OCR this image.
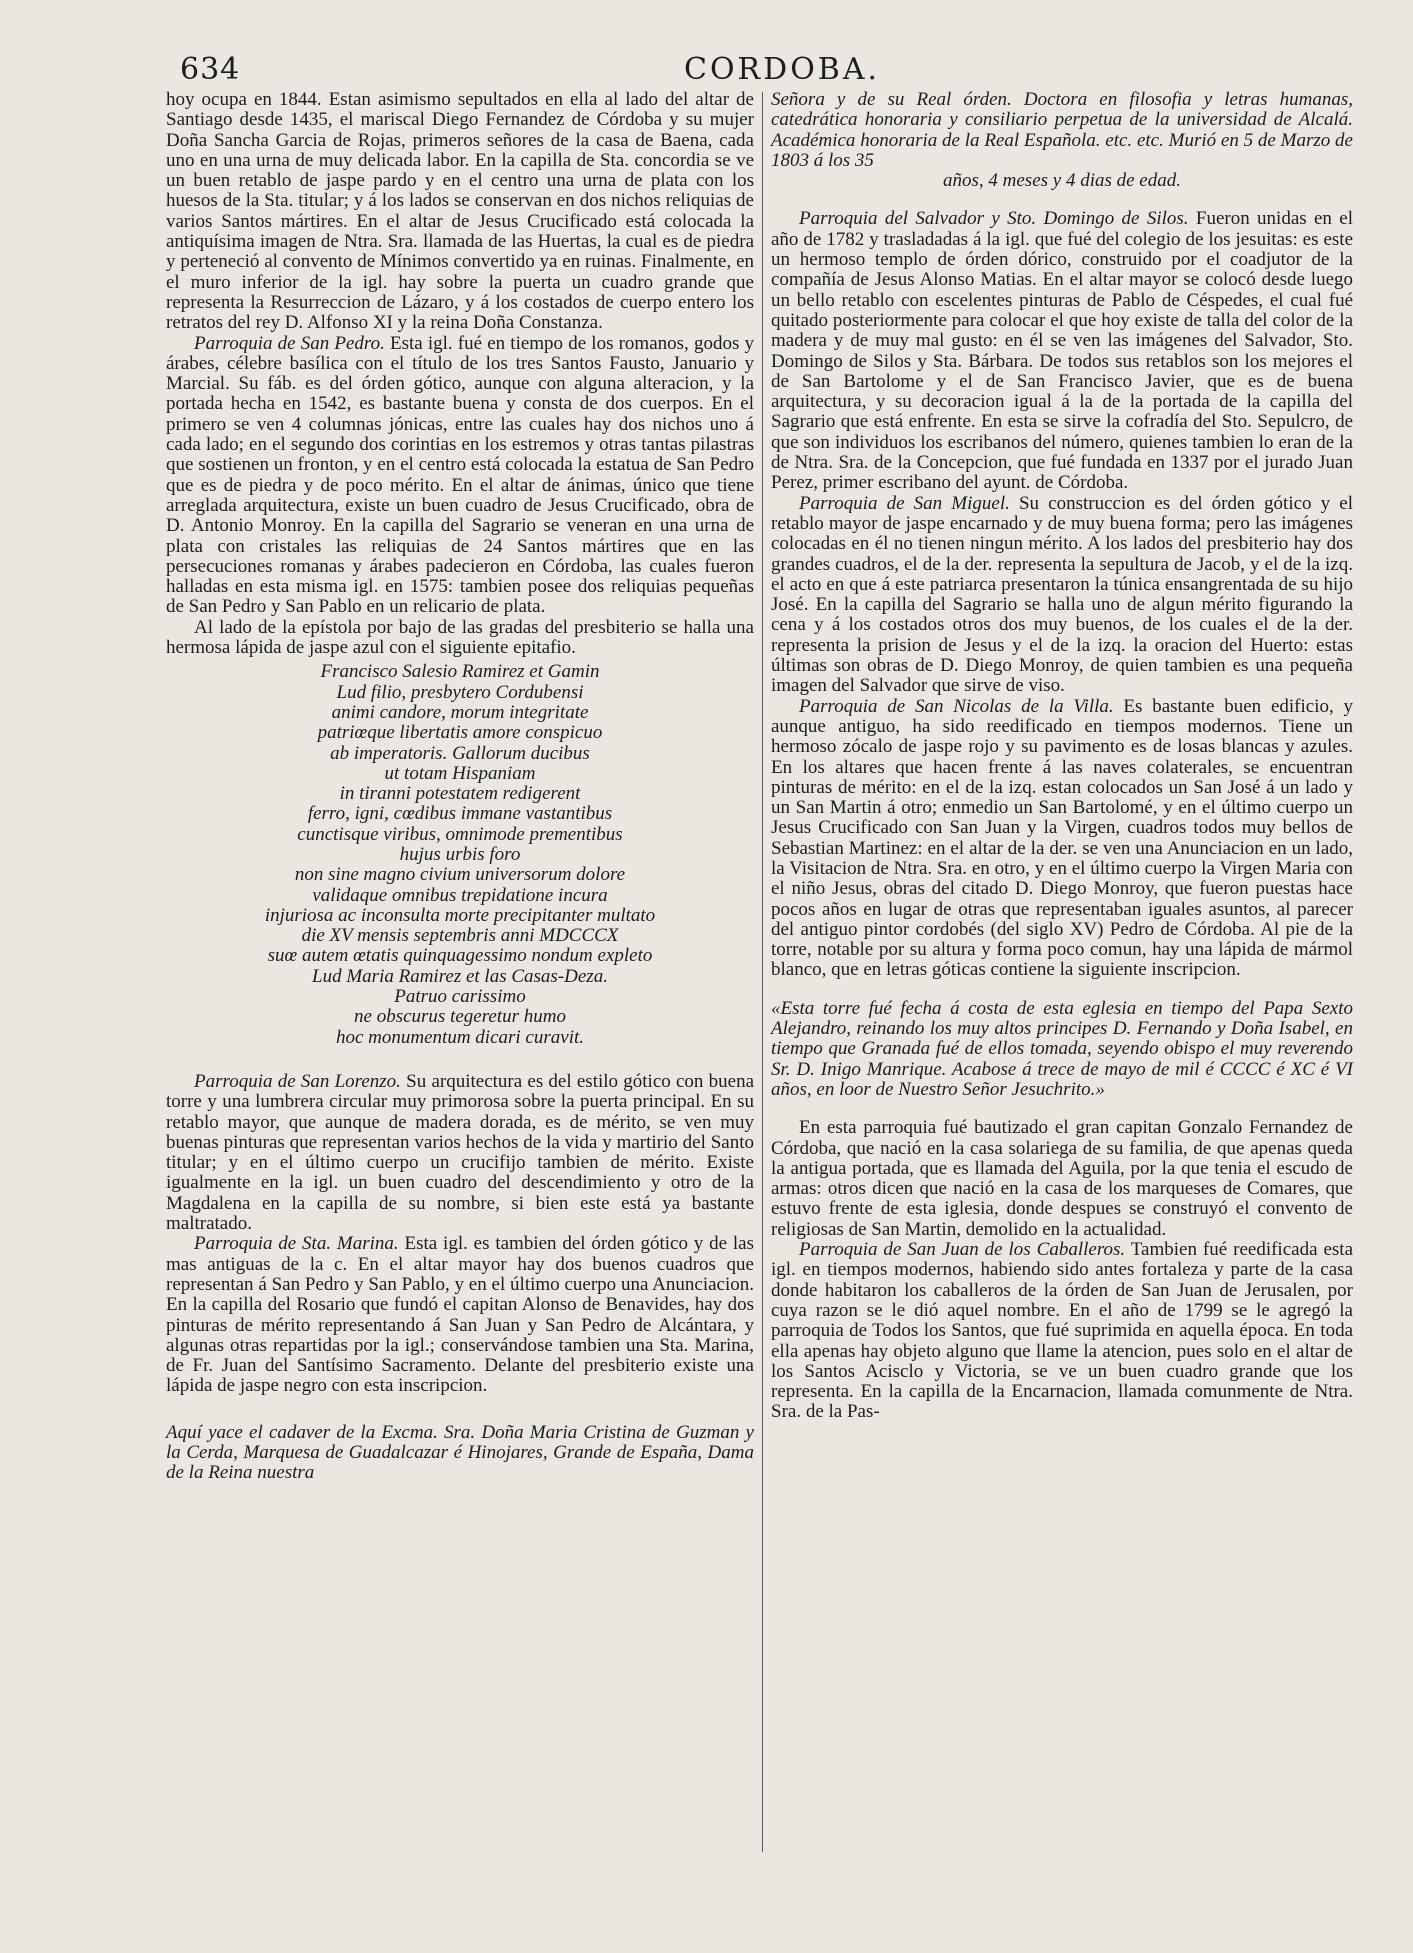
634	CORDOBA.

hoy ocupa en 1844. Estan asimismo sepultados en ella al lado del altar de Santiago desde 1435, el mariscal Diego Fernandez de Córdoba y su mujer Doña Sancha Garcia de Rojas, primeros señores de la casa de Baena, cada uno en una urna de muy delicada labor. En la capilla de Sta. concordia se ve un buen retablo de jaspe pardo y en el centro una urna de plata con los huesos de la Sta. titular; y á los lados se conservan en dos nichos reliquias de varios Santos mártires. En el altar de Jesus Crucificado está colocada la antiquísima imagen de Ntra. Sra. llamada de las Huertas, la cual es de piedra y perteneció al convento de Mínimos convertido ya en ruinas. Finalmente, en el muro inferior de la igl. hay sobre la puerta un cuadro grande que representa la Resurreccion de Lázaro, y á los costados de cuerpo entero los retratos del rey D. Alfonso XI y la reina Doña Constanza.

Parroquia de San Pedro. Esta igl. fué en tiempo de los romanos, godos y árabes, célebre basílica con el título de los tres Santos Fausto, Januario y Marcial. Su fáb. es del órden gótico, aunque con alguna alteracion, y la portada hecha en 1542, es bastante buena y consta de dos cuerpos. En el primero se ven 4 columnas jónicas, entre las cuales hay dos nichos uno á cada lado; en el segundo dos corintias en los estremos y otras tantas pilastras que sostienen un fronton, y en el centro está colocada la estatua de San Pedro que es de piedra y de poco mérito. En el altar de ánimas, único que tiene arreglada arquitectura, existe un buen cuadro de Jesus Crucificado, obra de D. Antonio Monroy. En la capilla del Sagrario se veneran en una urna de plata con cristales las reliquias de 24 Santos mártires que en las persecuciones romanas y árabes padecieron en Córdoba, las cuales fueron halladas en esta misma igl. en 1575: tambien posee dos reliquias pequeñas de San Pedro y San Pablo en un relicario de plata.

Al lado de la epístola por bajo de las gradas del presbiterio se halla una hermosa lápida de jaspe azul con el siguiente epitafio.

Francisco Salesio Ramirez et Gamin
Lud filio, presbytero Cordubensi
animi candore, morum integritate
patriœque libertatis amore conspicuo
ab imperatoris. Gallorum ducibus
ut totam Hispaniam
in tiranni potestatem redigerent
ferro, igni, cœdibus immane vastantibus
cunctisque viribus, omnimode prementibus
hujus urbis foro
non sine magno civium universorum dolore
validaque omnibus trepidatione incura
injuriosa ac inconsulta morte precipitanter multato
die XV mensis septembris anni MDCCCX
suœ autem œtatis quinquagessimo nondum expleto
Lud Maria Ramirez et las Casas-Deza.
Patruo carissimo
ne obscurus tegeretur humo
hoc monumentum dicari curavit.

Parroquia de San Lorenzo. Su arquitectura es del estilo gótico con buena torre y una lumbrera circular muy primorosa sobre la puerta principal. En su retablo mayor, que aunque de madera dorada, es de mérito, se ven muy buenas pinturas que representan varios hechos de la vida y martirio del Santo titular; y en el último cuerpo un crucifijo tambien de mérito. Existe igualmente en la igl. un buen cuadro del descendimiento y otro de la Magdalena en la capilla de su nombre, si bien este está ya bastante maltratado.

Parroquia de Sta. Marina. Esta igl. es tambien del órden gótico y de las mas antiguas de la c. En el altar mayor hay dos buenos cuadros que representan á San Pedro y San Pablo, y en el último cuerpo una Anunciacion. En la capilla del Rosario que fundó el capitan Alonso de Benavides, hay dos pinturas de mérito representando á San Juan y San Pedro de Alcántara, y algunas otras repartidas por la igl.; conservándose tambien una Sta. Marina, de Fr. Juan del Santísimo Sacramento. Delante del presbiterio existe una lápida de jaspe negro con esta inscripcion.

Aquí yace el cadaver de la Excma. Sra. Doña Maria Cristina de Guzman y la Cerda, Marquesa de Guadalcazar é Hinojares, Grande de España, Dama de la Reina nuestra

Señora y de su Real órden. Doctora en filosofia y letras humanas, catedrática honoraria y consiliario perpetua de la universidad de Alcalá. Académica honoraria de la Real Española. etc. etc. Murió en 5 de Marzo de 1803 á los 35

años, 4 meses y 4 dias de edad.

Parroquia del Salvador y Sto. Domingo de Silos. Fueron unidas en el año de 1782 y trasladadas á la igl. que fué del colegio de los jesuitas: es este un hermoso templo de órden dórico, construido por el coadjutor de la compañía de Jesus Alonso Matias. En el altar mayor se colocó desde luego un bello retablo con escelentes pinturas de Pablo de Céspedes, el cual fué quitado posteriormente para colocar el que hoy existe de talla del color de la madera y de muy mal gusto: en él se ven las imágenes del Salvador, Sto. Domingo de Silos y Sta. Bárbara. De todos sus retablos son los mejores el de San Bartolome y el de San Francisco Javier, que es de buena arquitectura, y su decoracion igual á la de la portada de la capilla del Sagrario que está enfrente. En esta se sirve la cofradía del Sto. Sepulcro, de que son individuos los escribanos del número, quienes tambien lo eran de la de Ntra. Sra. de la Concepcion, que fué fundada en 1337 por el jurado Juan Perez, primer escribano del ayunt. de Córdoba.

Parroquia de San Miguel. Su construccion es del órden gótico y el retablo mayor de jaspe encarnado y de muy buena forma; pero las imágenes colocadas en él no tienen ningun mérito. A los lados del presbiterio hay dos grandes cuadros, el de la der. representa la sepultura de Jacob, y el de la izq. el acto en que á este patriarca presentaron la túnica ensangrentada de su hijo José. En la capilla del Sagrario se halla uno de algun mérito figurando la cena y á los costados otros dos muy buenos, de los cuales el de la der. representa la prision de Jesus y el de la izq. la oracion del Huerto: estas últimas son obras de D. Diego Monroy, de quien tambien es una pequeña imagen del Salvador que sirve de viso.

Parroquia de San Nicolas de la Villa. Es bastante buen edificio, y aunque antiguo, ha sido reedificado en tiempos modernos. Tiene un hermoso zócalo de jaspe rojo y su pavimento es de losas blancas y azules. En los altares que hacen frente á las naves colaterales, se encuentran pinturas de mérito: en el de la izq. estan colocados un San José á un lado y un San Martin á otro; enmedio un San Bartolomé, y en el último cuerpo un Jesus Crucificado con San Juan y la Virgen, cuadros todos muy bellos de Sebastian Martinez: en el altar de la der. se ven una Anunciacion en un lado, la Visitacion de Ntra. Sra. en otro, y en el último cuerpo la Virgen Maria con el niño Jesus, obras del citado D. Diego Monroy, que fueron puestas hace pocos años en lugar de otras que representaban iguales asuntos, al parecer del antiguo pintor cordobés (del siglo XV) Pedro de Córdoba. Al pie de la torre, notable por su altura y forma poco comun, hay una lápida de mármol blanco, que en letras góticas contiene la siguiente inscripcion.

«Esta torre fué fecha á costa de esta eglesia en tiempo del Papa Sexto Alejandro, reinando los muy altos principes D. Fernando y Doña Isabel, en tiempo que Granada fué de ellos tomada, seyendo obispo el muy reverendo Sr. D. Inigo Manrique. Acabose á trece de mayo de mil é CCCC é XC é VI años, en loor de Nuestro Señor Jesuchrito.»

En esta parroquia fué bautizado el gran capitan Gonzalo Fernandez de Córdoba, que nació en la casa solariega de su familia, de que apenas queda la antigua portada, que es llamada del Aguila, por la que tenia el escudo de armas: otros dicen que nació en la casa de los marqueses de Comares, que estuvo frente de esta iglesia, donde despues se construyó el convento de religiosas de San Martin, demolido en la actualidad.

Parroquia de San Juan de los Caballeros. Tambien fué reedificada esta igl. en tiempos modernos, habiendo sido antes fortaleza y parte de la casa donde habitaron los caballeros de la órden de San Juan de Jerusalen, por cuya razon se le dió aquel nombre. En el año de 1799 se le agregó la parroquia de Todos los Santos, que fué suprimida en aquella época. En toda ella apenas hay objeto alguno que llame la atencion, pues solo en el altar de los Santos Acisclo y Victoria, se ve un buen cuadro grande que los representa. En la capilla de la Encarnacion, llamada comunmente de Ntra. Sra. de la Pas-
